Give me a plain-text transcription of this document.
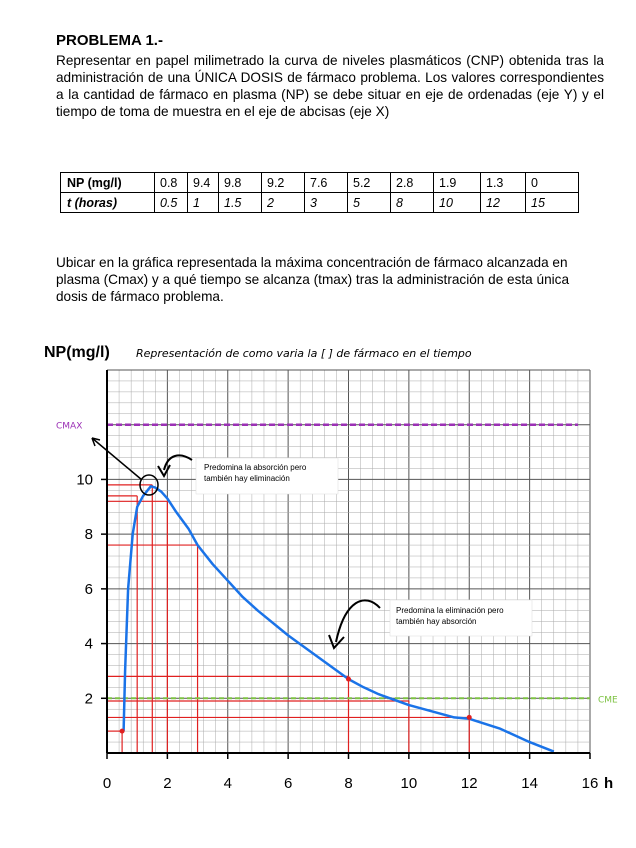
PROBLEMA 1.-

Representar en papel milimetrado la curva de niveles plasmáticos (CNP) obtenida tras la administración de una ÚNICA DOSIS de fármaco problema. Los valores correspondientes a la cantidad de fármaco en plasma (NP) se debe situar en eje de ordenadas (eje Y) y el tiempo de toma de muestra en el eje de abcisas (eje X)

NP (mg/l)	0.8	9.4	9.8	9.2	7.6	5.2	2.8	1.9	1.3	0
t (horas)	0.5	1	1.5	2	3	5	8	10	12	15

Ubicar en la gráfica representada la máxima concentración de fármaco alcanzada en plasma (Cmax) y a qué tiempo se alcanza (tmax) tras la administración de esta única dosis de fármaco problema.

0	2	4	6	8	10	12	14	16
2
4
6
8
10
NP(mg/l) Representación de como varia la [ ] de fármaco en el tiempo
h
CMAX
CME
Predomina la absorción pero
también hay eliminación
Predomina la eliminación pero
también hay absorción
